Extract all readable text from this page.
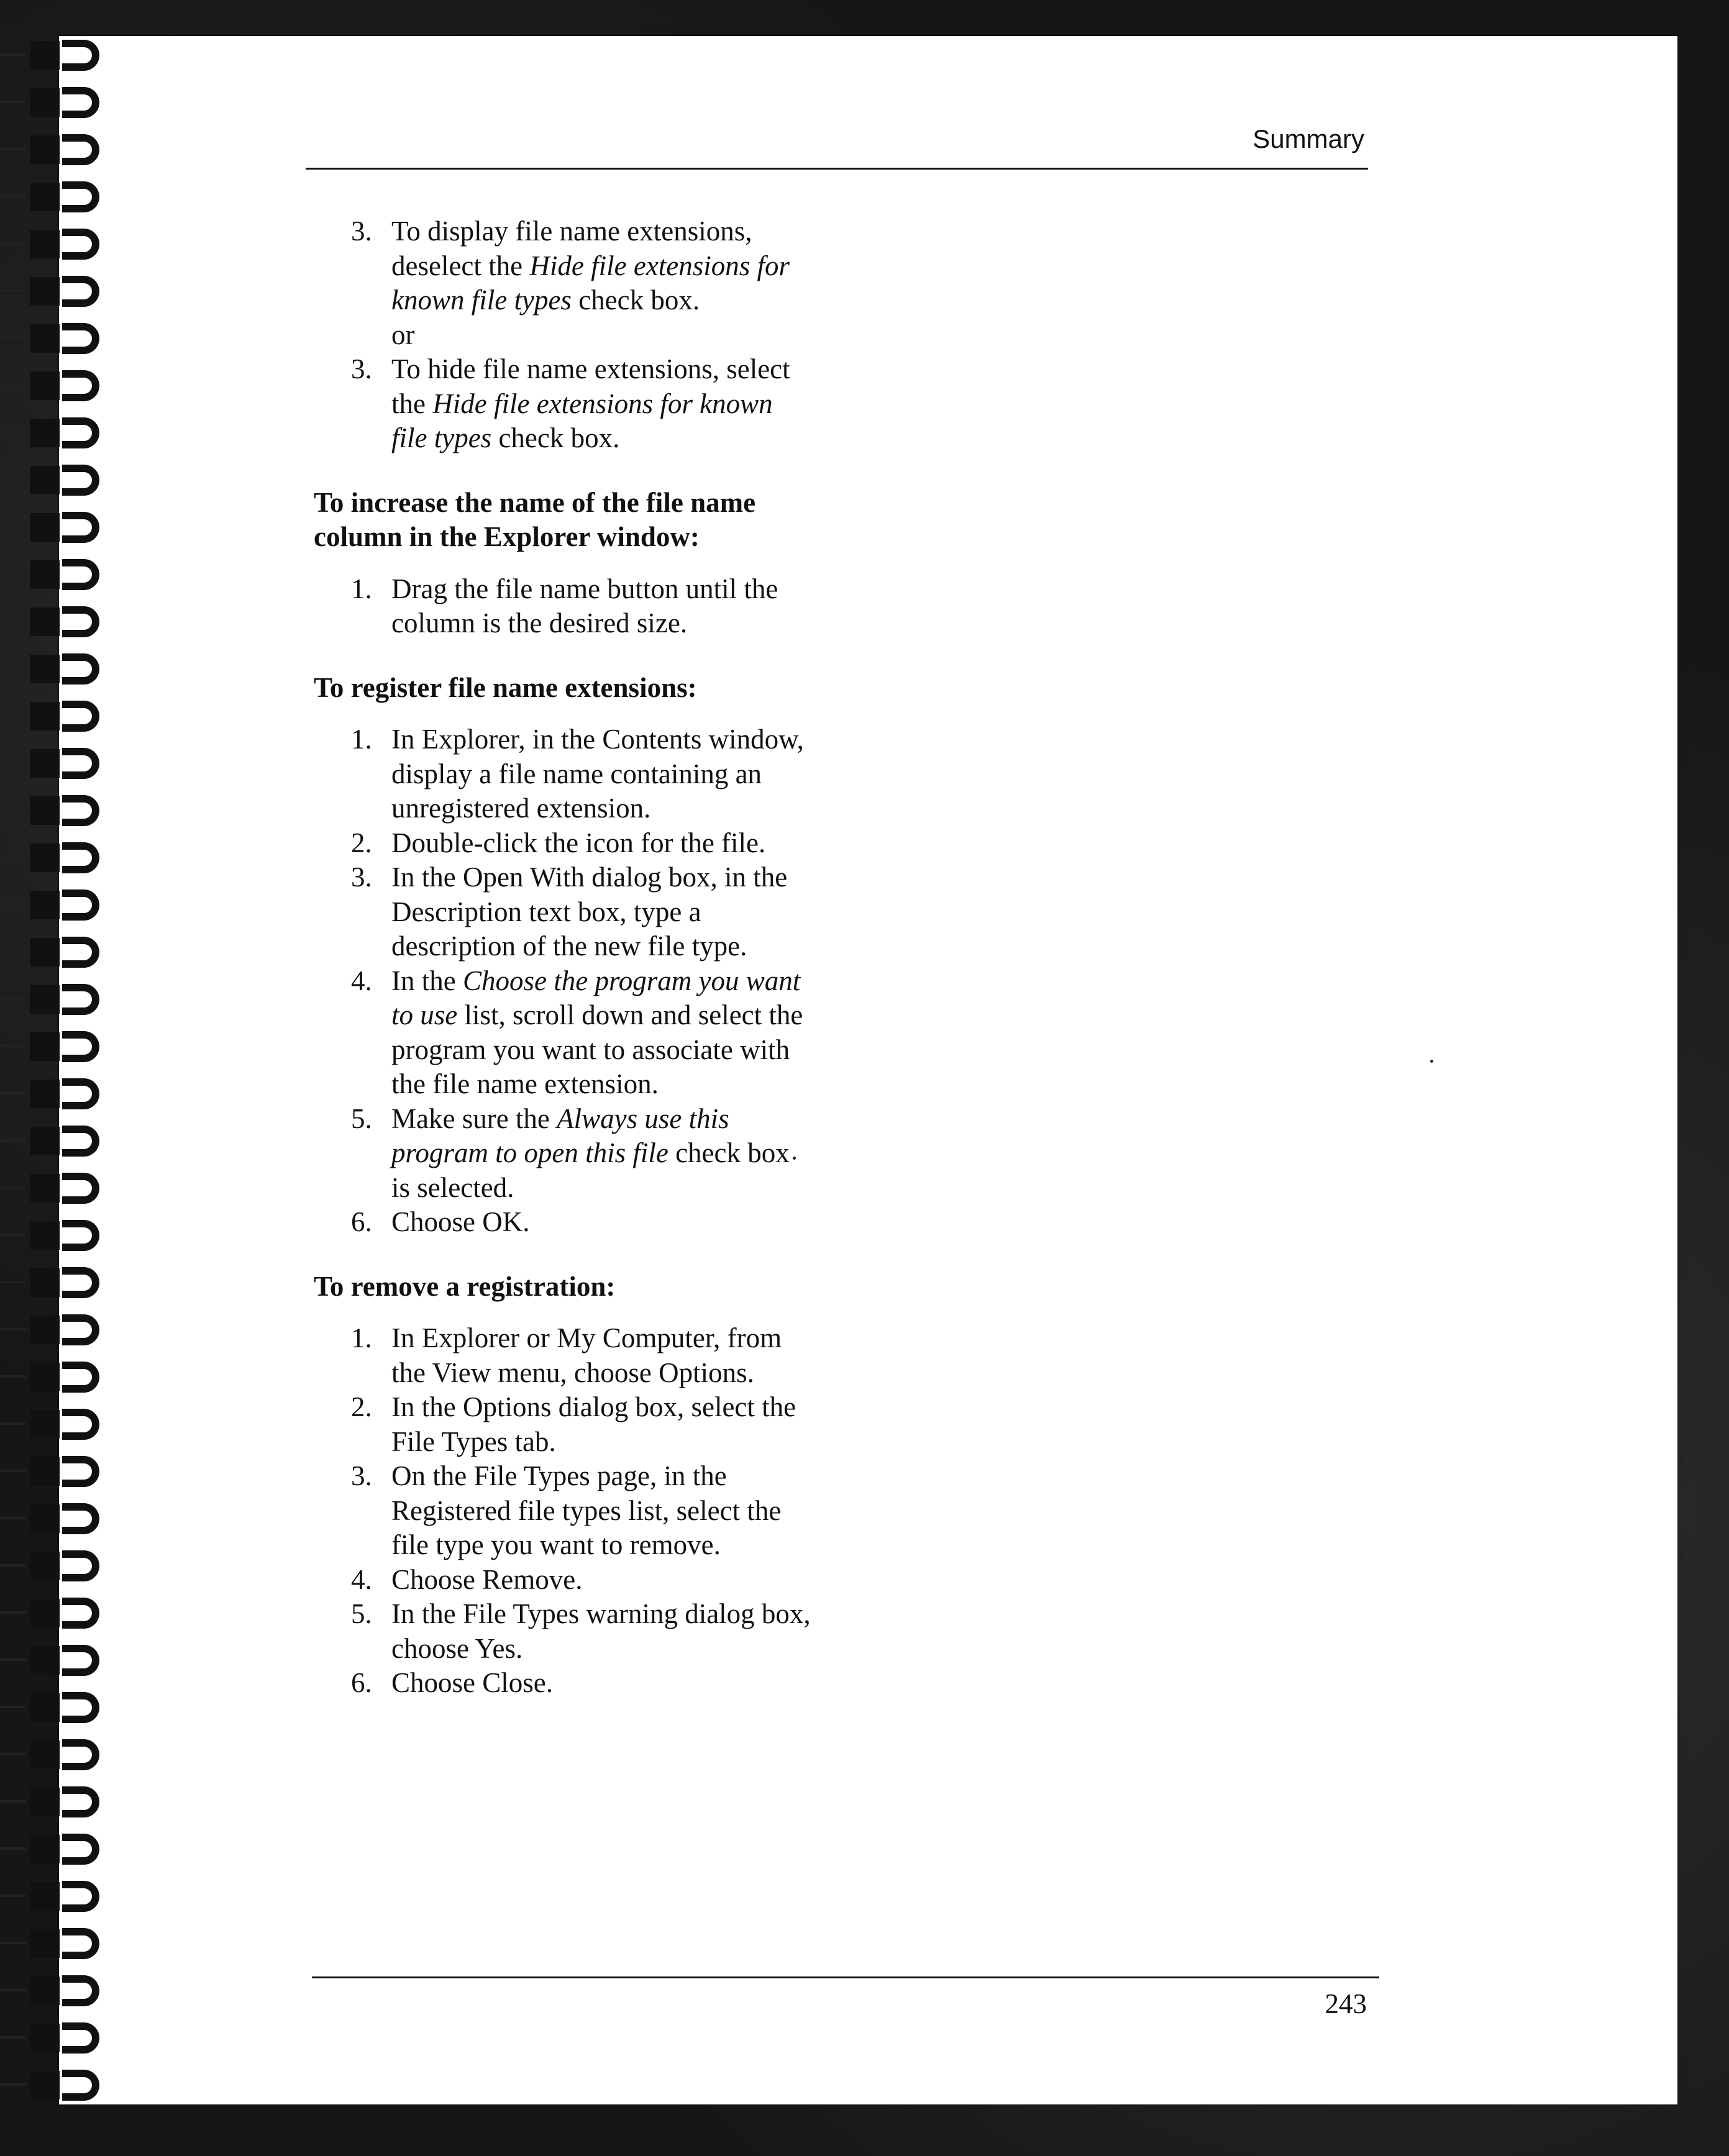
Summary
3. To display file name extensions, deselect the Hide file extensions for known file types check box.
or
3. To hide file name extensions, select the Hide file extensions for known file types check box.

To increase the name of the file name column in the Explorer window:

1. Drag the file name button until the column is the desired size.

To register file name extensions:

1. In Explorer, in the Contents window, display a file name containing an unregistered extension.
2. Double-click the icon for the file.
3. In the Open With dialog box, in the Description text box, type a description of the new file type.
4. In the Choose the program you want to use list, scroll down and select the program you want to associate with the file name extension.
5. Make sure the Always use this program to open this file check box is selected.
6. Choose OK.

To remove a registration:

1. In Explorer or My Computer, from the View menu, choose Options.
2. In the Options dialog box, select the File Types tab.
3. On the File Types page, in the Registered file types list, select the file type you want to remove.
4. Choose Remove.
5. In the File Types warning dialog box, choose Yes.
6. Choose Close.
243
